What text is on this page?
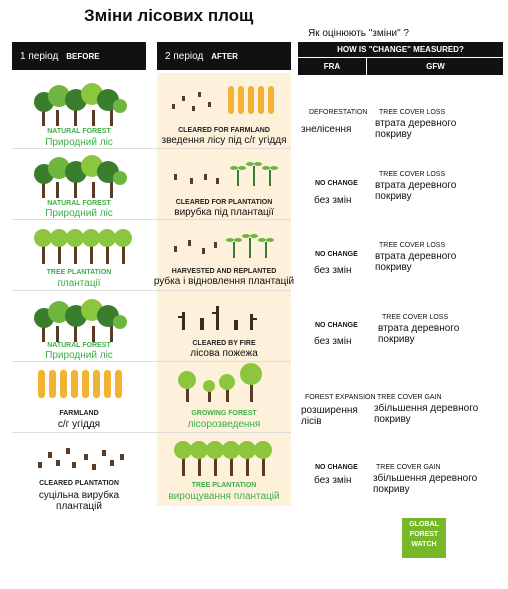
Зміни лісових площ
Як оцінюють "зміни" ?
1 період BEFORE	2 період AFTER
HOW IS "CHANGE" MEASURED?
FRA	GFW
NATURAL FOREST
Природний ліс
CLEARED FOR FARMLAND
зведення лісу під с/г угіддя
DEFORESTATION
знелісення
TREE COVER LOSS
втрата деревного покриву
NATURAL FOREST
Природний ліс
CLEARED FOR PLANTATION
вирубка під плантації
NO CHANGE
без змін
TREE COVER LOSS
втрата деревного покриву
TREE PLANTATION
плантації
HARVESTED AND REPLANTED
рубка і відновлення плантацій
NO CHANGE
без змін
TREE COVER LOSS
втрата деревного покриву
NATURAL FOREST
Природний ліс
CLEARED BY FIRE
лісова пожежа
NO CHANGE
без змін
TREE COVER LOSS
втрата деревного покриву
FARMLAND
с/г угіддя
GROWING FOREST
лісорозведення
FOREST EXPANSION
розширення лісів
TREE COVER GAIN
збільшення деревного покриву
CLEARED PLANTATION
суцільна вирубка плантацій
TREE PLANTATION
вирощування плантацій
NO CHANGE
без змін
TREE COVER GAIN
збільшення деревного покриву
GLOBAL
FOREST
WATCH
